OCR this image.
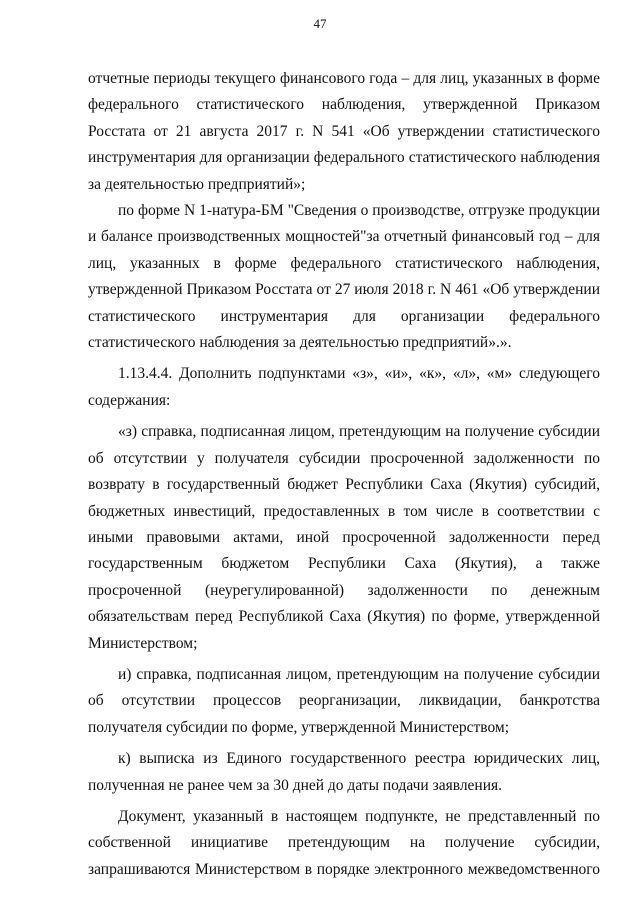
47

отчетные периоды текущего финансового года – для лиц, указанных в форме федерального статистического наблюдения, утвержденной Приказом Росстата от 21 августа 2017 г. N 541 «Об утверждении статистического инструментария для организации федерального статистического наблюдения за деятельностью предприятий»;

по форме N 1-натура-БМ "Сведения о производстве, отгрузке продукции и балансе производственных мощностей"за отчетный финансовый год – для лиц, указанных в форме федерального статистического наблюдения, утвержденной Приказом Росстата от 27 июля 2018 г. N 461 «Об утверждении статистического инструментария для организации федерального статистического наблюдения за деятельностью предприятий».».

1.13.4.4. Дополнить подпунктами «з», «и», «к», «л», «м» следующего содержания:

«з) справка, подписанная лицом, претендующим на получение субсидии об отсутствии у получателя субсидии просроченной задолженности по возврату в государственный бюджет Республики Саха (Якутия) субсидий, бюджетных инвестиций, предоставленных в том числе в соответствии с иными правовыми актами, иной просроченной задолженности перед государственным бюджетом Республики Саха (Якутия), а также просроченной (неурегулированной) задолженности по денежным обязательствам перед Республикой Саха (Якутия) по форме, утвержденной Министерством;

и) справка, подписанная лицом, претендующим на получение субсидии об отсутствии процессов реорганизации, ликвидации, банкротства получателя субсидии по форме, утвержденной Министерством;

к) выписка из Единого государственного реестра юридических лиц, полученная не ранее чем за 30 дней до даты подачи заявления.

Документ, указанный в настоящем подпункте, не представленный по собственной инициативе претендующим на получение субсидии, запрашиваются Министерством в порядке электронного межведомственного
